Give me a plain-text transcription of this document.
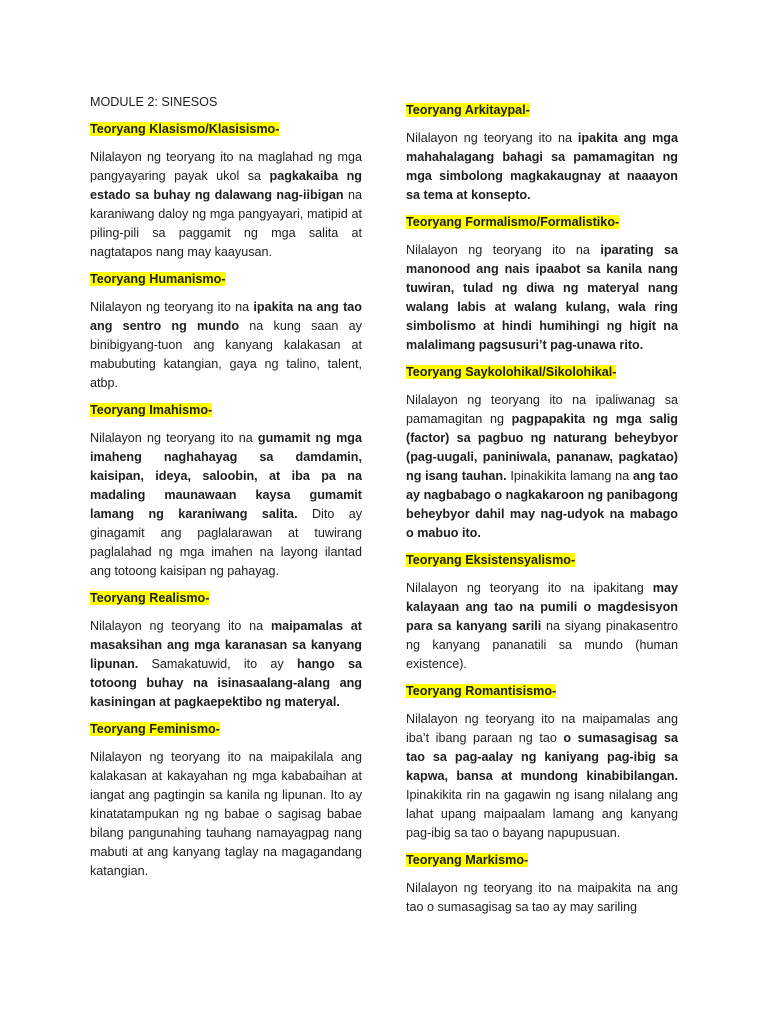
MODULE 2: SINESOS
Teoryang Klasismo/Klasisismo-

Nilalayon ng teoryang ito na maglahad ng mga pangyayaring payak ukol sa pagkakaiba ng estado sa buhay ng dalawang nag-iibigan na karaniwang daloy ng mga pangyayari, matipid at piling-pili sa paggamit ng mga salita at nagtatapos nang may kaayusan.

Teoryang Humanismo-

Nilalayon ng teoryang ito na ipakita na ang tao ang sentro ng mundo na kung saan ay binibigyang-tuon ang kanyang kalakasan at mabubuting katangian, gaya ng talino, talent, atbp.

Teoryang Imahismo-

Nilalayon ng teoryang ito na gumamit ng mga imaheng naghahayag sa damdamin, kaisipan, ideya, saloobin, at iba pa na madaling maunawaan kaysa gumamit lamang ng karaniwang salita. Dito ay ginagamit ang paglalarawan at tuwirang paglalahad ng mga imahen na layong ilantad ang totoong kaisipan ng pahayag.

Teoryang Realismo-

Nilalayon ng teoryang ito na maipamalas at masaksihan ang mga karanasan sa kanyang lipunan. Samakatuwid, ito ay hango sa totoong buhay na isinasaalang-alang ang kasiningan at pagkaepektibo ng materyal.

Teoryang Feminismo-

Nilalayon ng teoryang ito na maipakilala ang kalakasan at kakayahan ng mga kababaihan at iangat ang pagtingin sa kanila ng lipunan. Ito ay kinatatampukan ng ng babae o sagisag babae bilang pangunahing tauhang namayagpag nang mabuti at ang kanyang taglay na magagandang katangian.

Teoryang Arkitaypal-

Nilalayon ng teoryang ito na ipakita ang mga mahahalagang bahagi sa pamamagitan ng mga simbolong magkakaugnay at naaayon sa tema at konsepto.

Teoryang Formalismo/Formalistiko-

Nilalayon ng teoryang ito na iparating sa manonood ang nais ipaabot sa kanila nang tuwiran, tulad ng diwa ng materyal nang walang labis at walang kulang, wala ring simbolismo at hindi humihingi ng higit na malalimang pagsusuri’t pag-unawa rito.

Teoryang Saykolohikal/Sikolohikal-

Nilalayon ng teoryang ito na ipaliwanag sa pamamagitan ng pagpapakita ng mga salig (factor) sa pagbuo ng naturang beheybyor (pag-uugali, paniniwala, pananaw, pagkatao) ng isang tauhan. Ipinakikita lamang na ang tao ay nagbabago o nagkakaroon ng panibagong beheybyor dahil may nag-udyok na mabago o mabuo ito.

Teoryang Eksistensyalismo-

Nilalayon ng teoryang ito na ipakitang may kalayaan ang tao na pumili o magdesisyon para sa kanyang sarili na siyang pinakasentro ng kanyang pananatili sa mundo (human existence).

Teoryang Romantisismo-

Nilalayon ng teoryang ito na maipamalas ang iba’t ibang paraan ng tao o sumasagisag sa tao sa pag-aalay ng kaniyang pag-ibig sa kapwa, bansa at mundong kinabibilangan. Ipinakikita rin na gagawin ng isang nilalang ang lahat upang maipaalam lamang ang kanyang pag-ibig sa tao o bayang napupusuan.

Teoryang Markismo-

Nilalayon ng teoryang ito na maipakita na ang tao o sumasagisag sa tao ay may sariling
